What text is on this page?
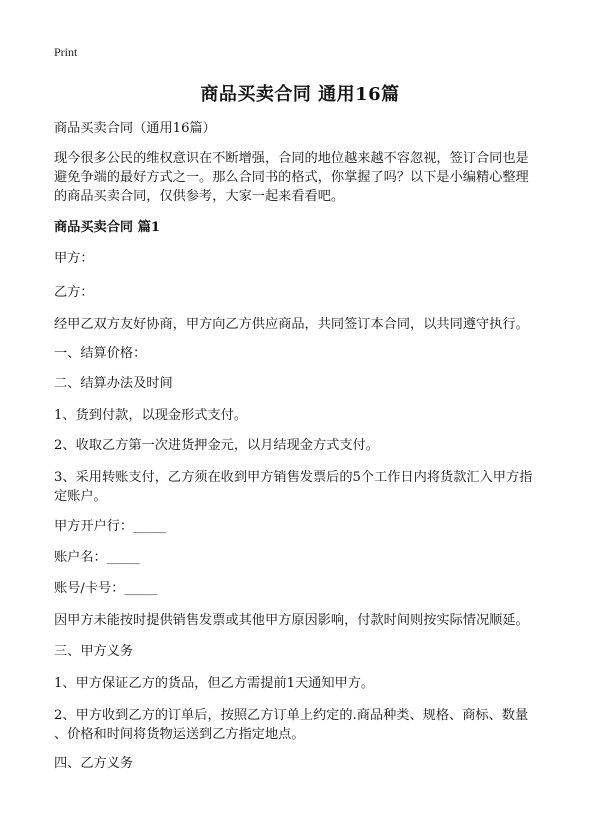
Print
商品买卖合同 通用16篇
商品买卖合同（通用16篇）
现今很多公民的维权意识在不断增强，合同的地位越来越不容忽视，签订合同也是
避免争端的最好方式之一。那么合同书的格式，你掌握了吗？以下是小编精心整理
的商品买卖合同，仅供参考，大家一起来看看吧。
商品买卖合同 篇1
甲方：
乙方：
经甲乙双方友好协商，甲方向乙方供应商品，共同签订本合同，以共同遵守执行。
一、结算价格：
二、结算办法及时间
1、货到付款，以现金形式支付。
2、收取乙方第一次进货押金元，以月结现金方式支付。
3、采用转账支付，乙方须在收到甲方销售发票后的5个工作日内将货款汇入甲方指
定账户。
甲方开户行：_____
账户名：_____
账号/卡号：_____
因甲方未能按时提供销售发票或其他甲方原因影响，付款时间则按实际情况顺延。
三、甲方义务
1、甲方保证乙方的货品，但乙方需提前1天通知甲方。
2、甲方收到乙方的订单后，按照乙方订单上约定的.商品种类、规格、商标、数量
、价格和时间将货物运送到乙方指定地点。
四、乙方义务
